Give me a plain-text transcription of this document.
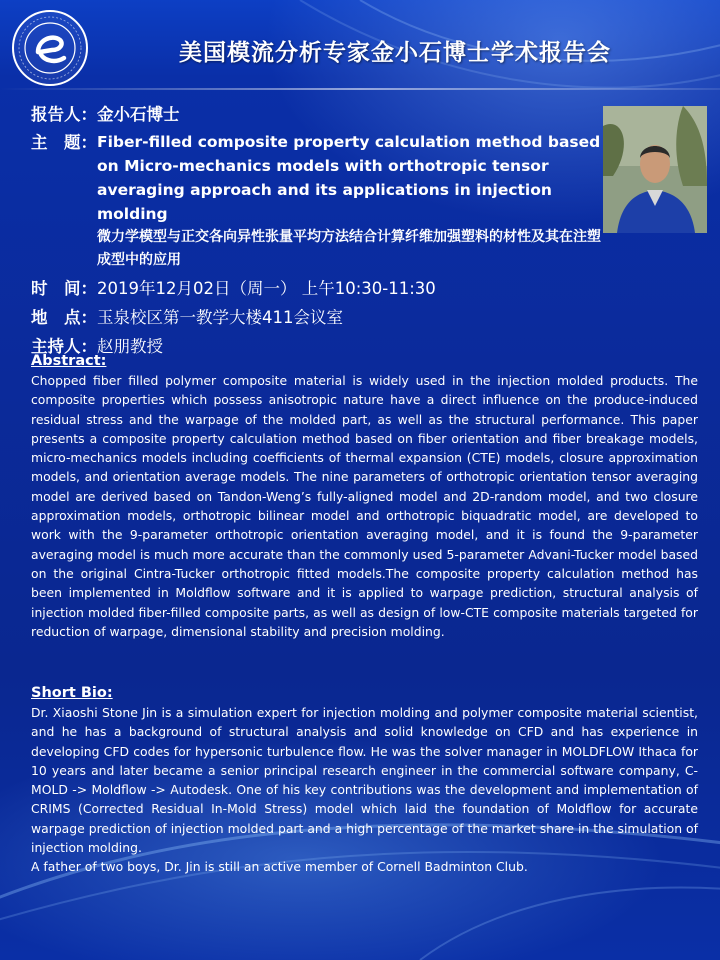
美国模流分析专家金小石博士学术报告会
报告人 ： 金小石博士
主　题 ： Fiber-filled composite property calculation method based
on Micro-mechanics models with orthotropic tensor
averaging approach and its applications in injection molding
微力学模型与正交各向异性张量平均方法结合计算纤维加强塑料的材性及其在注塑成型中的应用
时　间 ： 2019年12月02日（周一） 上午10:30-11:30
地　点 ： 玉泉校区第一教学大楼411会议室
主持人 ： 赵朋教授
Abstract:

Chopped fiber filled polymer composite material is widely used in the injection molded products. The composite properties which possess anisotropic nature have a direct influence on the produce-induced residual stress and the warpage of the molded part, as well as the structural performance. This paper presents a composite property calculation method based on fiber orientation and fiber breakage models, micro-mechanics models including coefficients of thermal expansion (CTE) models, closure approximation models, and orientation average models. The nine parameters of orthotropic orientation tensor averaging model are derived based on Tandon-Weng’s fully-aligned model and 2D-random model, and two closure approximation models, orthotropic bilinear model and orthotropic biquadratic model, are developed to work with the 9-parameter orthotropic orientation averaging model, and it is found the 9-parameter averaging model is much more accurate than the commonly used 5-parameter Advani-Tucker model based on the original Cintra-Tucker orthotropic fitted models.The composite property calculation method has been implemented in Moldflow software and it is applied to warpage prediction, structural analysis of injection molded fiber-filled composite parts, as well as design of low-CTE composite materials targeted for reduction of warpage, dimensional stability and precision molding.

Short Bio:

Dr. Xiaoshi Stone Jin is a simulation expert for injection molding and polymer composite material scientist, and he has a background of structural analysis and solid knowledge on CFD and has experience in developing CFD codes for hypersonic turbulence flow. He was the solver manager in MOLDFLOW Ithaca for 10 years and later became a senior principal research engineer in the commercial software company, C-MOLD -> Moldflow -> Autodesk. One of his key contributions was the development and implementation of CRIMS (Corrected Residual In-Mold Stress) model which laid the foundation of Moldflow for accurate warpage prediction of injection molded part and a high percentage of the market share in the simulation of injection molding.

A father of two boys, Dr. Jin is still an active member of Cornell Badminton Club.
